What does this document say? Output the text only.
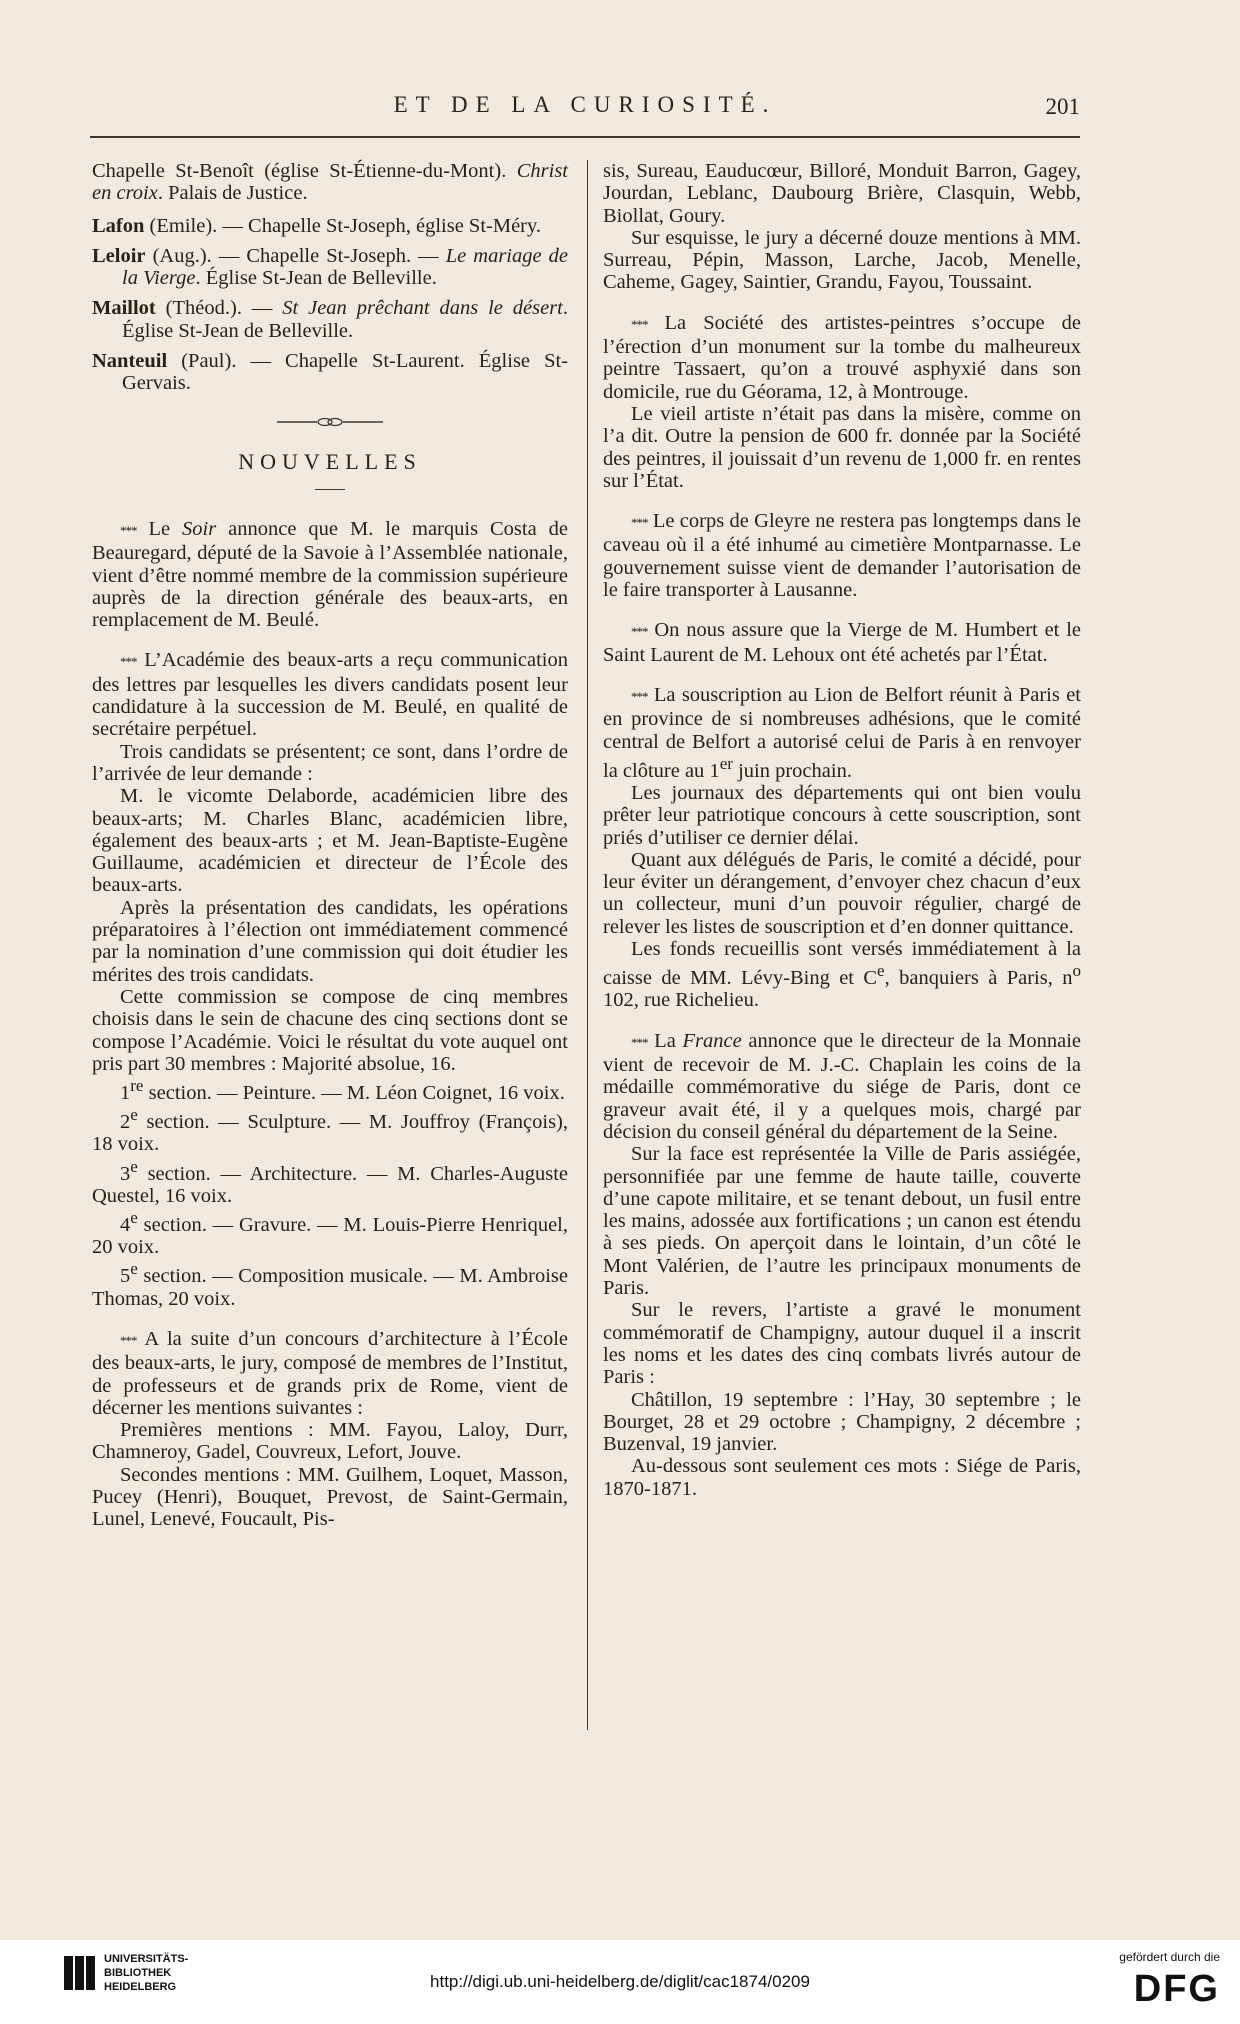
ET DE LA CURIOSITÉ.	201

Chapelle St-Benoît (église St-Étienne-du-Mont). Christ en croix. Palais de Justice.

Lafon (Emile). — Chapelle St-Joseph, église St-Méry.

Leloir (Aug.). — Chapelle St-Joseph. — Le mariage de la Vierge. Église St-Jean de Belleville.

Maillot (Théod.). — St Jean prêchant dans le désert. Église St-Jean de Belleville.

Nanteuil (Paul). — Chapelle St-Laurent. Église St-Gervais.

NOUVELLES

*** Le Soir annonce que M. le marquis Costa de Beauregard, député de la Savoie à l’Assemblée nationale, vient d’être nommé membre de la commission supérieure auprès de la direction générale des beaux-arts, en remplacement de M. Beulé.

*** L’Académie des beaux-arts a reçu communication des lettres par lesquelles les divers candidats posent leur candidature à la succession de M. Beulé, en qualité de secrétaire perpétuel.

Trois candidats se présentent; ce sont, dans l’ordre de l’arrivée de leur demande :

M. le vicomte Delaborde, académicien libre des beaux-arts; M. Charles Blanc, académicien libre, également des beaux-arts ; et M. Jean-Baptiste-Eugène Guillaume, académicien et directeur de l’École des beaux-arts.

Après la présentation des candidats, les opérations préparatoires à l’élection ont immédiatement commencé par la nomination d’une commission qui doit étudier les mérites des trois candidats.

Cette commission se compose de cinq membres choisis dans le sein de chacune des cinq sections dont se compose l’Académie. Voici le résultat du vote auquel ont pris part 30 membres : Majorité absolue, 16.

1re section. — Peinture. — M. Léon Coignet, 16 voix.

2e section. — Sculpture. — M. Jouffroy (François), 18 voix.

3e section. — Architecture. — M. Charles-Auguste Questel, 16 voix.

4e section. — Gravure. — M. Louis-Pierre Henriquel, 20 voix.

5e section. — Composition musicale. — M. Ambroise Thomas, 20 voix.

*** A la suite d’un concours d’architecture à l’École des beaux-arts, le jury, composé de membres de l’Institut, de professeurs et de grands prix de Rome, vient de décerner les mentions suivantes :

Premières mentions : MM. Fayou, Laloy, Durr, Chamneroy, Gadel, Couvreux, Lefort, Jouve.

Secondes mentions : MM. Guilhem, Loquet, Masson, Pucey (Henri), Bouquet, Prevost, de Saint-Germain, Lunel, Lenevé, Foucault, Pis-

sis, Sureau, Eauducœur, Billoré, Monduit Barron, Gagey, Jourdan, Leblanc, Daubourg Brière, Clasquin, Webb, Biollat, Goury.

Sur esquisse, le jury a décerné douze mentions à MM. Surreau, Pépin, Masson, Larche, Jacob, Menelle, Caheme, Gagey, Saintier, Grandu, Fayou, Toussaint.

*** La Société des artistes-peintres s’occupe de l’érection d’un monument sur la tombe du malheureux peintre Tassaert, qu’on a trouvé asphyxié dans son domicile, rue du Géorama, 12, à Montrouge.

Le vieil artiste n’était pas dans la misère, comme on l’a dit. Outre la pension de 600 fr. donnée par la Société des peintres, il jouissait d’un revenu de 1,000 fr. en rentes sur l’État.

*** Le corps de Gleyre ne restera pas longtemps dans le caveau où il a été inhumé au cimetière Montparnasse. Le gouvernement suisse vient de demander l’autorisation de le faire transporter à Lausanne.

*** On nous assure que la Vierge de M. Humbert et le Saint Laurent de M. Lehoux ont été achetés par l’État.

*** La souscription au Lion de Belfort réunit à Paris et en province de si nombreuses adhésions, que le comité central de Belfort a autorisé celui de Paris à en renvoyer la clôture au 1er juin prochain.

Les journaux des départements qui ont bien voulu prêter leur patriotique concours à cette souscription, sont priés d’utiliser ce dernier délai.

Quant aux délégués de Paris, le comité a décidé, pour leur éviter un dérangement, d’envoyer chez chacun d’eux un collecteur, muni d’un pouvoir régulier, chargé de relever les listes de souscription et d’en donner quittance.

Les fonds recueillis sont versés immédiatement à la caisse de MM. Lévy-Bing et Ce, banquiers à Paris, $n^o$ 102, rue Richelieu.

*** La France annonce que le directeur de la Monnaie vient de recevoir de M. J.-C. Chaplain les coins de la médaille commémorative du siége de Paris, dont ce graveur avait été, il y a quelques mois, chargé par décision du conseil général du département de la Seine.

Sur la face est représentée la Ville de Paris assiégée, personnifiée par une femme de haute taille, couverte d’une capote militaire, et se tenant debout, un fusil entre les mains, adossée aux fortifications ; un canon est étendu à ses pieds. On aperçoit dans le lointain, d’un côté le Mont Valérien, de l’autre les principaux monuments de Paris.

Sur le revers, l’artiste a gravé le monument commémoratif de Champigny, autour duquel il a inscrit les noms et les dates des cinq combats livrés autour de Paris :

Châtillon, 19 septembre : l’Hay, 30 septembre ; le Bourget, 28 et 29 octobre ; Champigny, 2 décembre ; Buzenval, 19 janvier.

Au-dessous sont seulement ces mots : Siége de Paris, 1870-1871.

UNIVERSITÄTS-
BIBLIOTHEK
HEIDELBERG	http://digi.ub.uni-heidelberg.de/diglit/cac1874/0209
gefördert durch die
DFG
